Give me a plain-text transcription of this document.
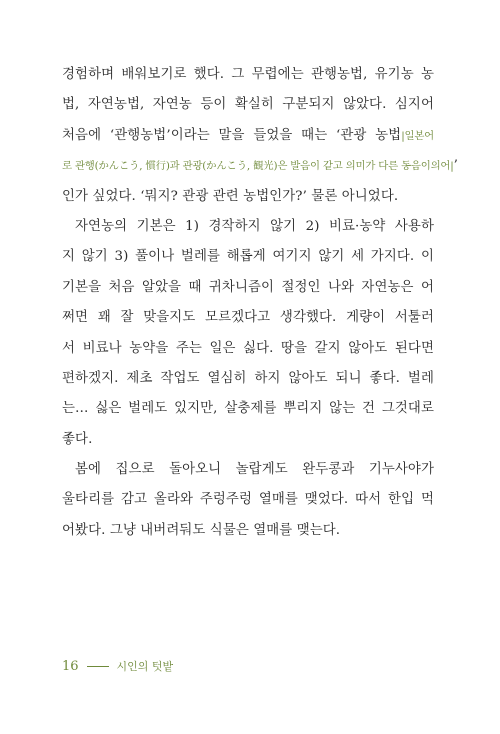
경험하며 배워보기로 했다. 그 무렵에는 관행농법, 유기농 농
법, 자연농법, 자연농 등이 확실히 구분되지 않았다. 심지어
처음에 ‘관행농법’이라는 말을 들었을 때는 ‘관광 농법|일본어
로 관행(かんこう, 慣行)과 관광(かんこう, 観光)은 발음이 같고 의미가 다른 동음이의어|’
인가 싶었다. ‘뭐지? 관광 관련 농법인가?’ 물론 아니었다.
자연농의 기본은 1) 경작하지 않기 2) 비료·농약 사용하
지 않기 3) 풀이나 벌레를 해롭게 여기지 않기 세 가지다. 이
기본을 처음 알았을 때 귀차니즘이 절정인 나와 자연농은 어
쩌면 꽤 잘 맞을지도 모르겠다고 생각했다. 게량이 서툴러
서 비료나 농약을 주는 일은 싫다. 땅을 갈지 않아도 된다면
편하겠지. 제초 작업도 열심히 하지 않아도 되니 좋다. 벌레
는… 싫은 벌레도 있지만, 살충제를 뿌리지 않는 건 그것대로
좋다.
봄에 집으로 돌아오니 놀랍게도 완두콩과 기누사야가
울타리를 감고 올라와 주렁주렁 열매를 맺었다. 따서 한입 먹
어봤다. 그냥 내버려둬도 식물은 열매를 맺는다.
16	시인의 텃밭
